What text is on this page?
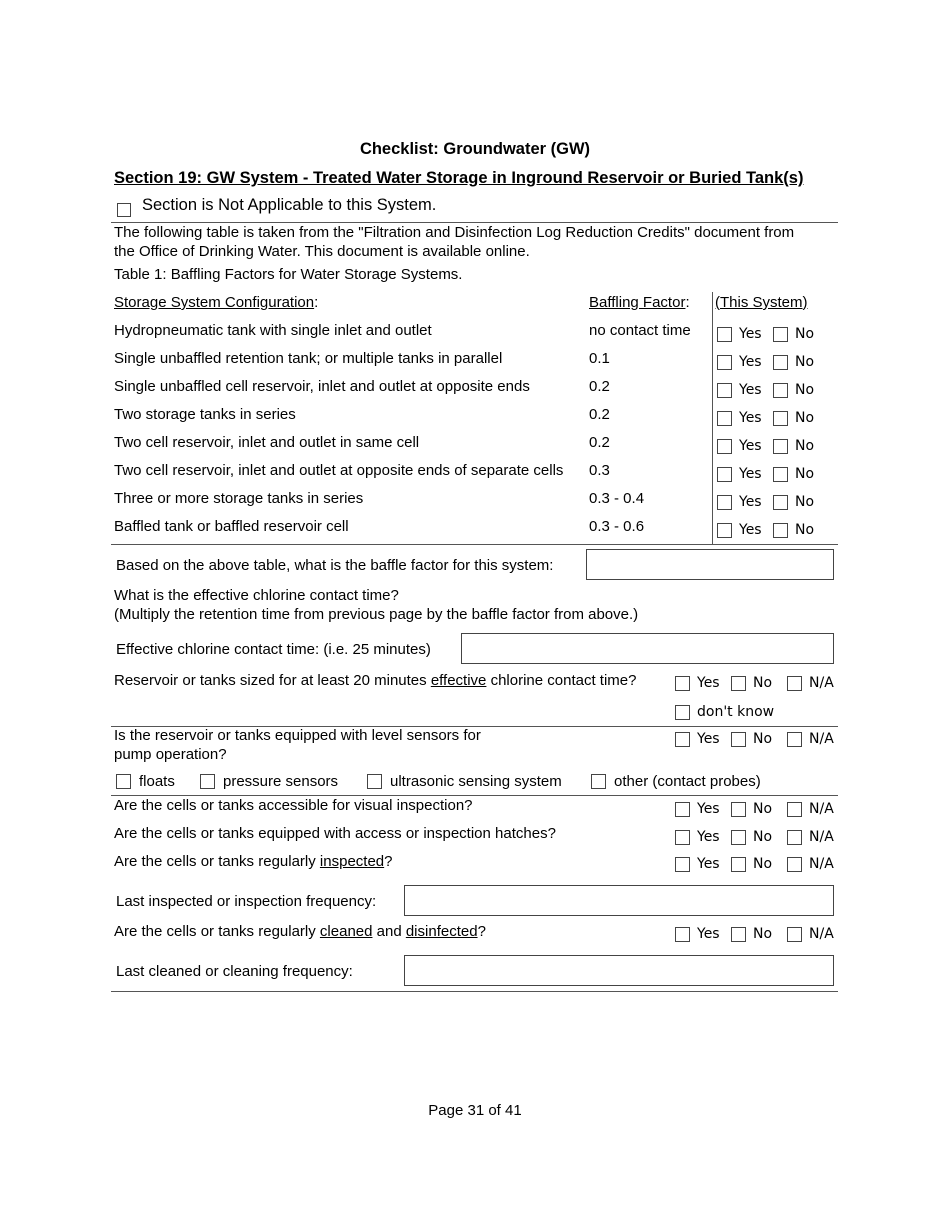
Checklist: Groundwater (GW)
Section 19: GW System - Treated Water Storage in Inground Reservoir or Buried Tank(s)
Section is Not Applicable to this System.
The following table is taken from the "Filtration and Disinfection Log Reduction Credits" document from
the Office of Drinking Water. This document is available online.
Table 1: Baffling Factors for Water Storage Systems.
Storage System Configuration:	Baffling Factor: (This System)
Hydropneumatic tank with single inlet and outlet	no contact time	Yes No
Single unbaffled retention tank; or multiple tanks in parallel	0.1	Yes No
Single unbaffled cell reservoir, inlet and outlet at opposite ends	0.2	Yes No
Two storage tanks in series	0.2	Yes No
Two cell reservoir, inlet and outlet in same cell	0.2	Yes No
Two cell reservoir, inlet and outlet at opposite ends of separate cells 0.3	Yes No
Three or more storage tanks in series	0.3 - 0.4	Yes No
Baffled tank or baffled reservoir cell	0.3 - 0.6	Yes No
Based on the above table, what is the baffle factor for this system:
What is the effective chlorine contact time?
(Multiply the retention time from previous page by the baffle factor from above.)
Effective chlorine contact time: (i.e. 25 minutes)
Reservoir or tanks sized for at least 20 minutes effective chlorine contact time?	Yes No	N/A
don't know
Is the reservoir or tanks equipped with level sensors for
pump operation?
Yes No	N/A
floats	pressure sensors	ultrasonic sensing system	other (contact probes)
Are the cells or tanks accessible for visual inspection?	Yes No	N/A
Are the cells or tanks equipped with access or inspection hatches?	Yes No	N/A
Are the cells or tanks regularly inspected?	Yes No	N/A
Last inspected or inspection frequency:
Are the cells or tanks regularly cleaned and disinfected?	Yes No	N/A
Last cleaned or cleaning frequency:
Page 31 of 41
